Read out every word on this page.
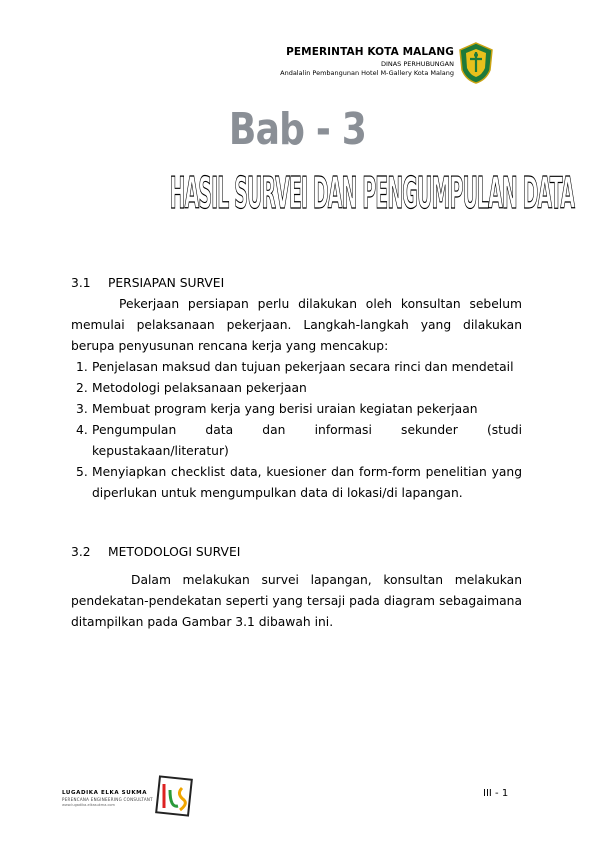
PEMERINTAH KOTA MALANG
DINAS PERHUBUNGAN
Andalalin Pembangunan Hotel M-Gallery Kota Malang
Bab - 3
HASIL SURVEI DAN PENGUMPULAN DATA
3.1 PERSIAPAN SURVEI

Pekerjaan persiapan perlu dilakukan oleh konsultan sebelum memulai pelaksanaan pekerjaan. Langkah-langkah yang dilakukan berupa penyusunan rencana kerja yang mencakup:

1. Penjelasan maksud dan tujuan pekerjaan secara rinci dan mendetail
2. Metodologi pelaksanaan pekerjaan
3. Membuat program kerja yang berisi uraian kegiatan pekerjaan
4. Pengumpulan data dan informasi sekunder (studi kepustakaan/literatur)
5. Menyiapkan checklist data, kuesioner dan form-form penelitian yang diperlukan untuk mengumpulkan data di lokasi/di lapangan.
3.2 METODOLOGI SURVEI

Dalam melakukan survei lapangan, konsultan melakukan pendekatan-pendekatan seperti yang tersaji pada diagram sebagaimana ditampilkan pada Gambar 3.1 dibawah ini.

LUGADIKA ELKA SUKMA
PERENCANA ENGINEERING CONSULTANT
www.lugadika-elkasukma.com
III - 1
